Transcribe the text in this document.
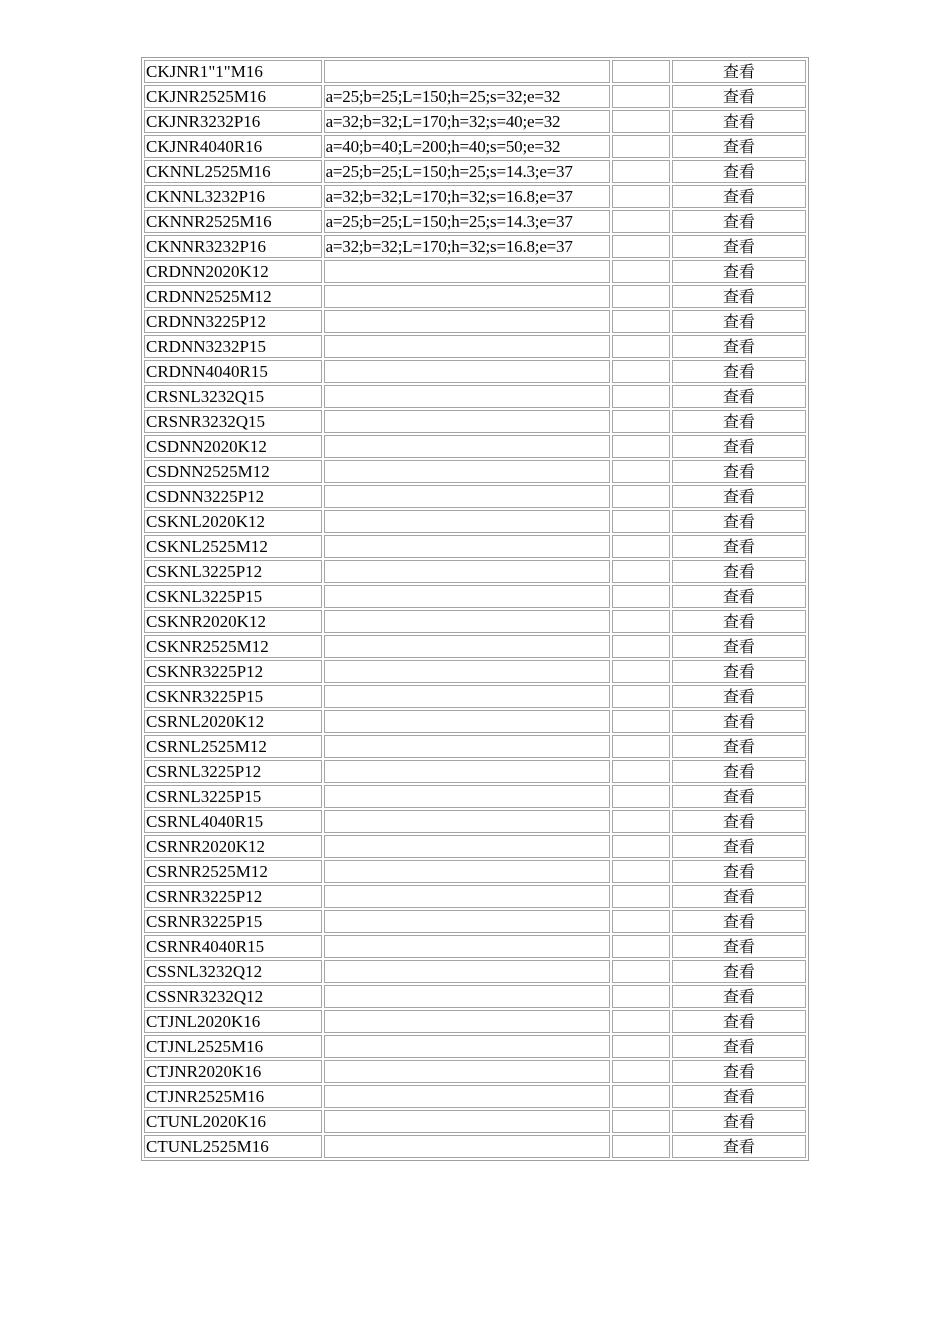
CKJNR1"1"M16			查看
CKJNR2525M16	a=25;b=25;L=150;h=25;s=32;e=32		查看
CKJNR3232P16	a=32;b=32;L=170;h=32;s=40;e=32		查看
CKJNR4040R16	a=40;b=40;L=200;h=40;s=50;e=32		查看
CKNNL2525M16	a=25;b=25;L=150;h=25;s=14.3;e=37		查看
CKNNL3232P16	a=32;b=32;L=170;h=32;s=16.8;e=37		查看
CKNNR2525M16	a=25;b=25;L=150;h=25;s=14.3;e=37		查看
CKNNR3232P16	a=32;b=32;L=170;h=32;s=16.8;e=37		查看
CRDNN2020K12			查看
CRDNN2525M12			查看
CRDNN3225P12			查看
CRDNN3232P15			查看
CRDNN4040R15			查看
CRSNL3232Q15			查看
CRSNR3232Q15			查看
CSDNN2020K12			查看
CSDNN2525M12			查看
CSDNN3225P12			查看
CSKNL2020K12			查看
CSKNL2525M12			查看
CSKNL3225P12			查看
CSKNL3225P15			查看
CSKNR2020K12			查看
CSKNR2525M12			查看
CSKNR3225P12			查看
CSKNR3225P15			查看
CSRNL2020K12			查看
CSRNL2525M12			查看
CSRNL3225P12			查看
CSRNL3225P15			查看
CSRNL4040R15			查看
CSRNR2020K12			查看
CSRNR2525M12			查看
CSRNR3225P12			查看
CSRNR3225P15			查看
CSRNR4040R15			查看
CSSNL3232Q12			查看
CSSNR3232Q12			查看
CTJNL2020K16			查看
CTJNL2525M16			查看
CTJNR2020K16			查看
CTJNR2525M16			查看
CTUNL2020K16			查看
CTUNL2525M16			查看
